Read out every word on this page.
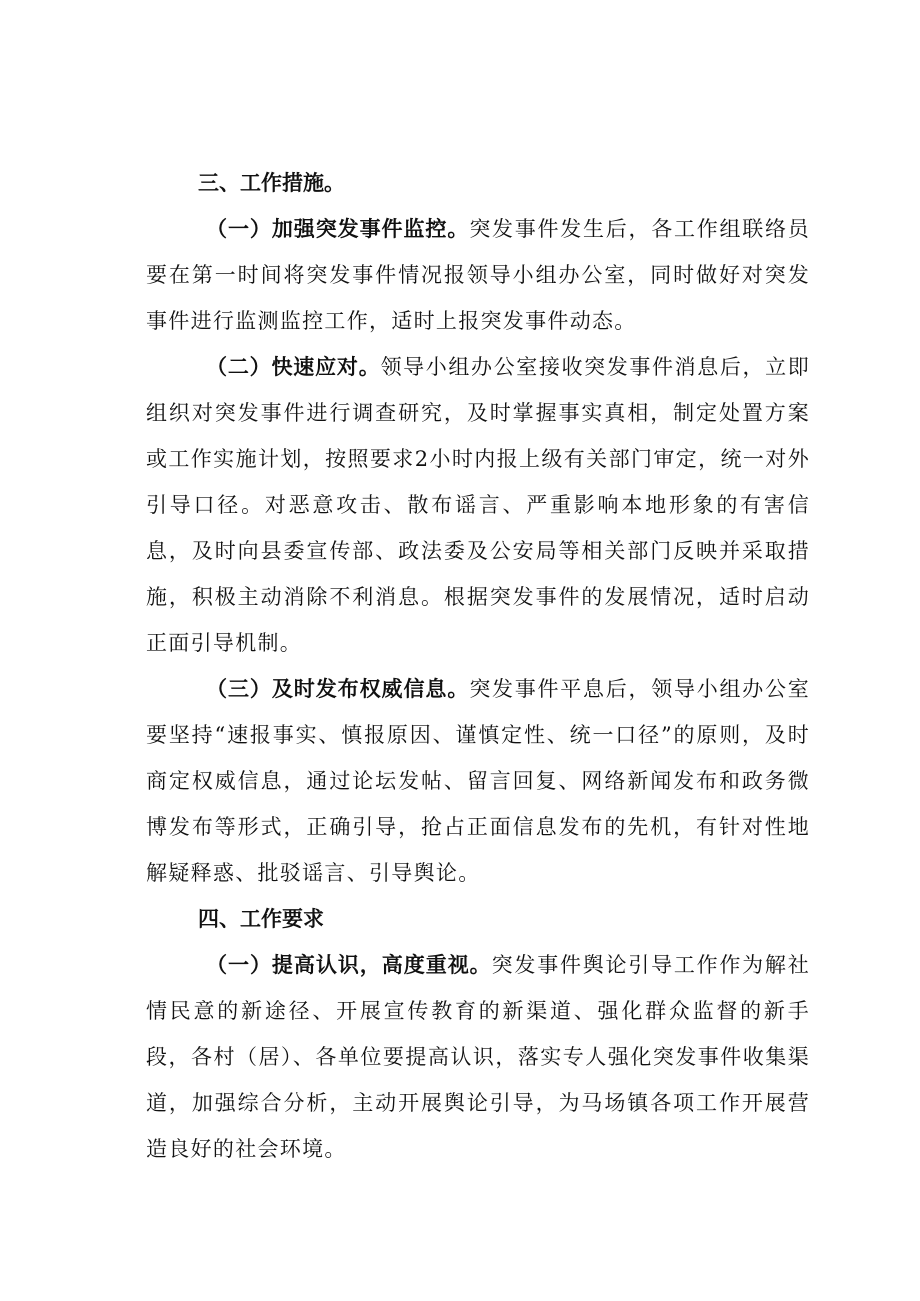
三、工作措施。

（一）加强突发事件监控。突发事件发生后，各工作组联络员要在第一时间将突发事件情况报领导小组办公室，同时做好对突发事件进行监测监控工作，适时上报突发事件动态。

（二）快速应对。领导小组办公室接收突发事件消息后，立即组织对突发事件进行调查研究，及时掌握事实真相，制定处置方案或工作实施计划，按照要求2小时内报上级有关部门审定，统一对外引导口径。对恶意攻击、散布谣言、严重影响本地形象的有害信息，及时向县委宣传部、政法委及公安局等相关部门反映并采取措施，积极主动消除不利消息。根据突发事件的发展情况，适时启动正面引导机制。

（三）及时发布权威信息。突发事件平息后，领导小组办公室要坚持“速报事实、慎报原因、谨慎定性、统一口径”的原则，及时商定权威信息，通过论坛发帖、留言回复、网络新闻发布和政务微博发布等形式，正确引导，抢占正面信息发布的先机，有针对性地解疑释惑、批驳谣言、引导舆论。

四、工作要求

（一）提高认识，高度重视。突发事件舆论引导工作作为解社情民意的新途径、开展宣传教育的新渠道、强化群众监督的新手段，各村（居）、各单位要提高认识，落实专人强化突发事件收集渠道，加强综合分析，主动开展舆论引导，为马场镇各项工作开展营造良好的社会环境。
